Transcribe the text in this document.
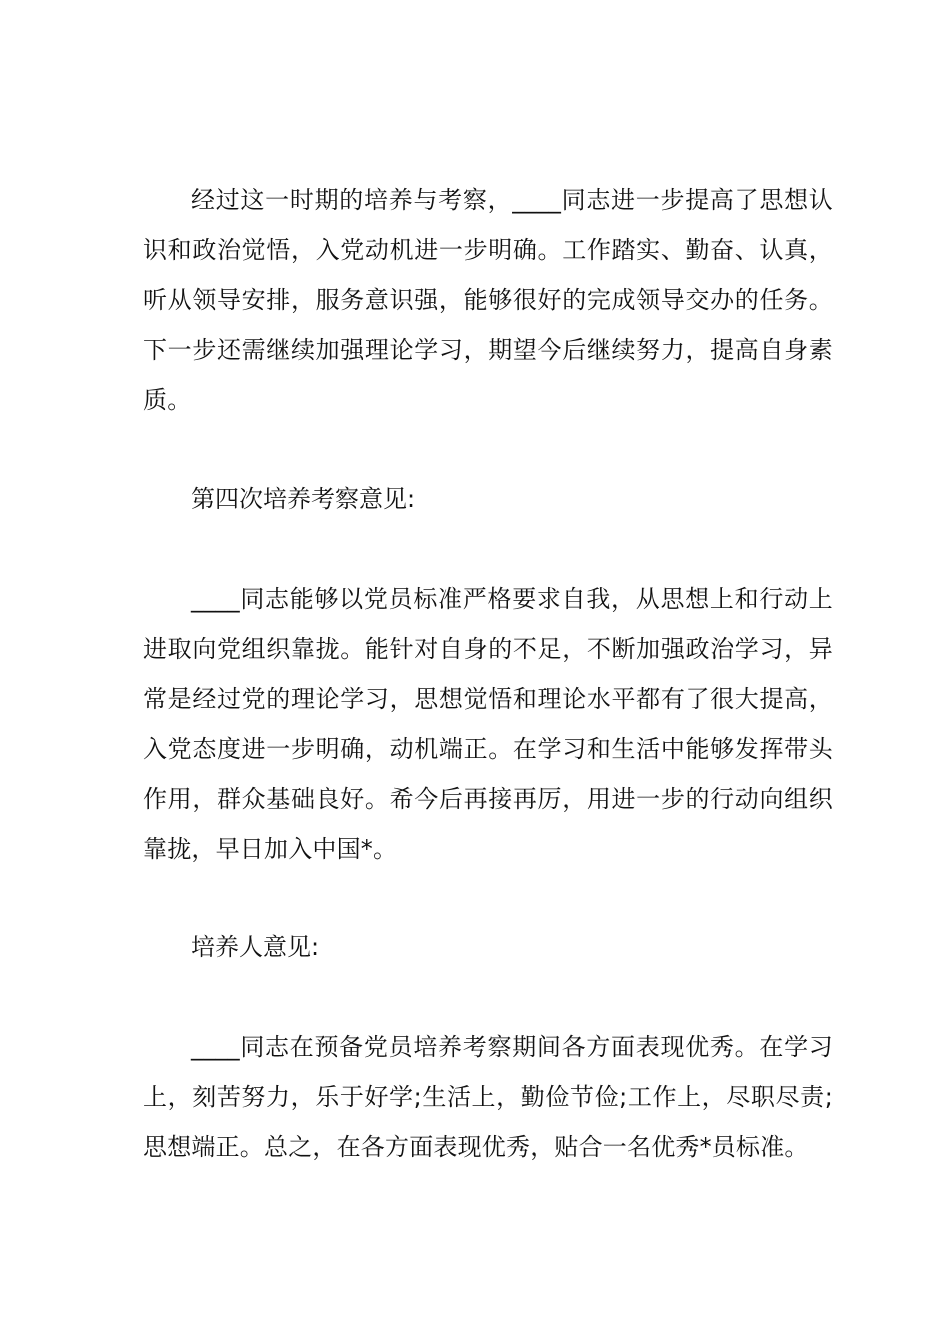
经过这一时期的培养与考察，____同志进一步提高了思想认识和政治觉悟，入党动机进一步明确。工作踏实、勤奋、认真，听从领导安排，服务意识强，能够很好的完成领导交办的任务。下一步还需继续加强理论学习，期望今后继续努力，提高自身素质。

第四次培养考察意见:

____同志能够以党员标准严格要求自我，从思想上和行动上进取向党组织靠拢。能针对自身的不足，不断加强政治学习，异常是经过党的理论学习，思想觉悟和理论水平都有了很大提高，入党态度进一步明确，动机端正。在学习和生活中能够发挥带头作用，群众基础良好。希今后再接再厉，用进一步的行动向组织靠拢，早日加入中国*。

培养人意见:

____同志在预备党员培养考察期间各方面表现优秀。在学习上，刻苦努力，乐于好学;生活上，勤俭节俭;工作上，尽职尽责;思想端正。总之，在各方面表现优秀，贴合一名优秀*员标准。
